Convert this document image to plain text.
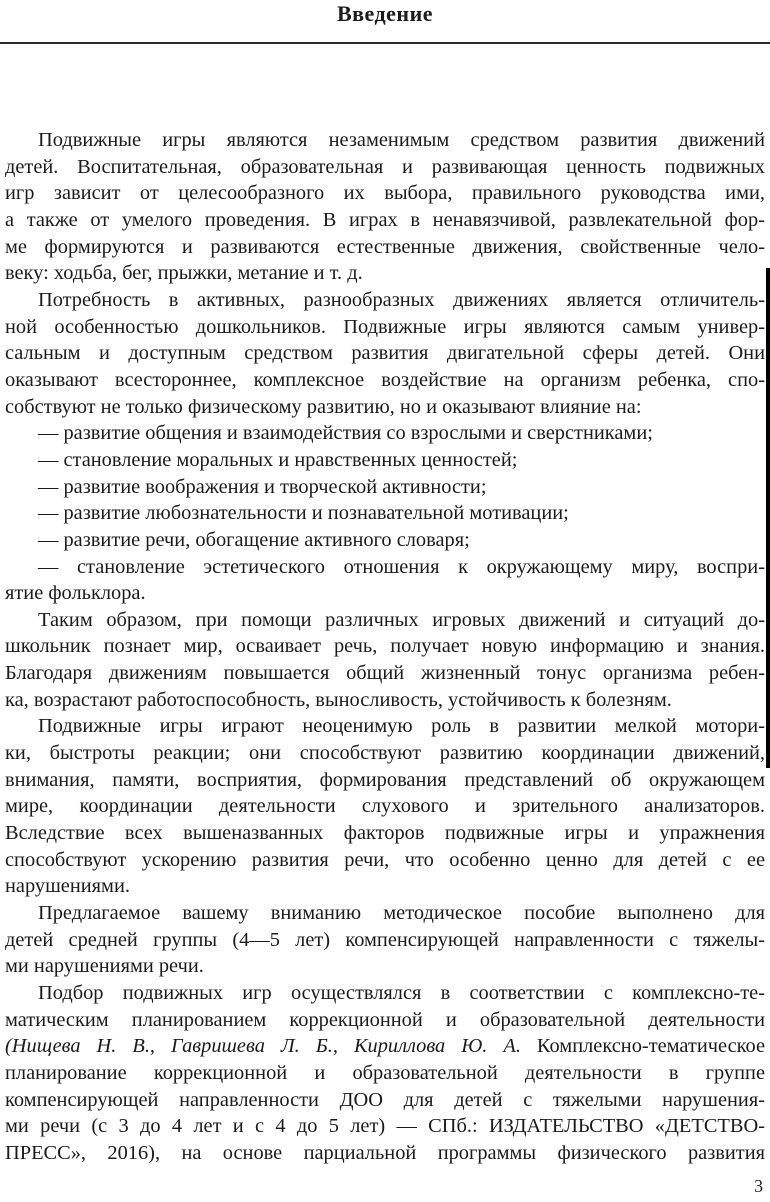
Введение
Подвижные игры являются незаменимым средством развития движений
детей. Воспитательная, образовательная и развивающая ценность подвижных
игр зависит от целесообразного их выбора, правильного руководства ими,
а также от умелого проведения. В играх в ненавязчивой, развлекательной фор-
ме формируются и развиваются естественные движения, свойственные чело-
веку: ходьба, бег, прыжки, метание и т. д.
Потребность в активных, разнообразных движениях является отличитель-
ной особенностью дошкольников. Подвижные игры являются самым универ-
сальным и доступным средством развития двигательной сферы детей. Они
оказывают всестороннее, комплексное воздействие на организм ребенка, спо-
собствуют не только физическому развитию, но и оказывают влияние на:
— развитие общения и взаимодействия со взрослыми и сверстниками;
— становление моральных и нравственных ценностей;
— развитие воображения и творческой активности;
— развитие любознательности и познавательной мотивации;
— развитие речи, обогащение активного словаря;
— становление эстетического отношения к окружающему миру, воспри-
ятие фольклора.
Таким образом, при помощи различных игровых движений и ситуаций до-
школьник познает мир, осваивает речь, получает новую информацию и знания.
Благодаря движениям повышается общий жизненный тонус организма ребен-
ка, возрастают работоспособность, выносливость, устойчивость к болезням.
Подвижные игры играют неоценимую роль в развитии мелкой мотори-
ки, быстроты реакции; они способствуют развитию координации движений,
внимания, памяти, восприятия, формирования представлений об окружающем
мире, координации деятельности слухового и зрительного анализаторов.
Вследствие всех вышеназванных факторов подвижные игры и упражнения
способствуют ускорению развития речи, что особенно ценно для детей с ее
нарушениями.
Предлагаемое вашему вниманию методическое пособие выполнено для
детей средней группы (4—5 лет) компенсирующей направленности с тяжелы-
ми нарушениями речи.
Подбор подвижных игр осуществлялся в соответствии с комплексно-те-
матическим планированием коррекционной и образовательной деятельности
(Нищева Н. В., Гавришева Л. Б., Кириллова Ю. А. Комплексно-тематическое
планирование коррекционной и образовательной деятельности в группе
компенсирующей направленности ДОО для детей с тяжелыми нарушения-
ми речи (с 3 до 4 лет и с 4 до 5 лет) — СПб.: ИЗДАТЕЛЬСТВО «ДЕТСТВО-
ПРЕСС», 2016), на основе парциальной программы физического развития
3
